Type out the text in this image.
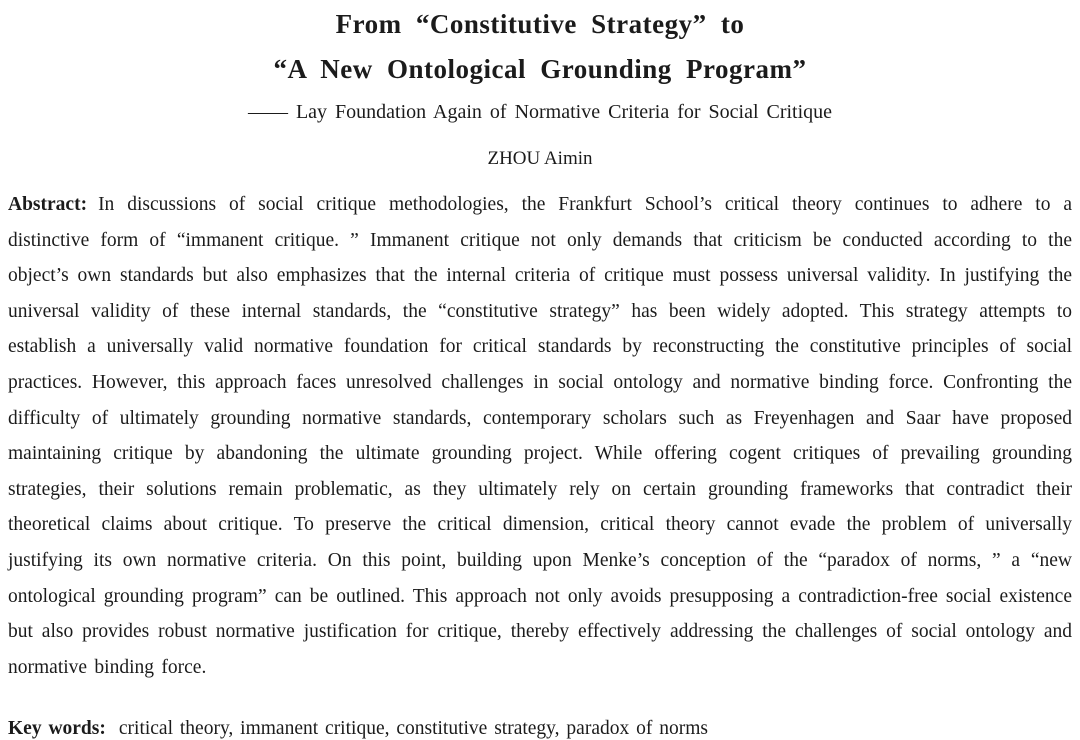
From “Constitutive Strategy” to
“A New Ontological Grounding Program”
—— Lay Foundation Again of Normative Criteria for Social Critique
ZHOU Aimin

Abstract: In discussions of social critique methodologies, the Frankfurt School’s critical theory continues to adhere to a distinctive form of “immanent critique. ” Immanent critique not only demands that criticism be conducted according to the object’s own standards but also emphasizes that the internal criteria of critique must possess universal validity. In justifying the universal validity of these internal standards, the “constitutive strategy” has been widely adopted. This strategy attempts to establish a universally valid normative foundation for critical standards by reconstructing the constitutive principles of social practices. However, this approach faces unresolved challenges in social ontology and normative binding force. Confronting the difficulty of ultimately grounding normative standards, contemporary scholars such as Freyenhagen and Saar have proposed maintaining critique by abandoning the ultimate grounding project. While offering cogent critiques of prevailing grounding strategies, their solutions remain problematic, as they ultimately rely on certain grounding frameworks that contradict their theoretical claims about critique. To preserve the critical dimension, critical theory cannot evade the problem of universally justifying its own normative criteria. On this point, building upon Menke’s conception of the “paradox of norms, ” a “new ontological grounding program” can be outlined. This approach not only avoids presupposing a contradiction-free social existence but also provides robust normative justification for critique, thereby effectively addressing the challenges of social ontology and normative binding force.

Key words: critical theory, immanent critique, constitutive strategy, paradox of norms
